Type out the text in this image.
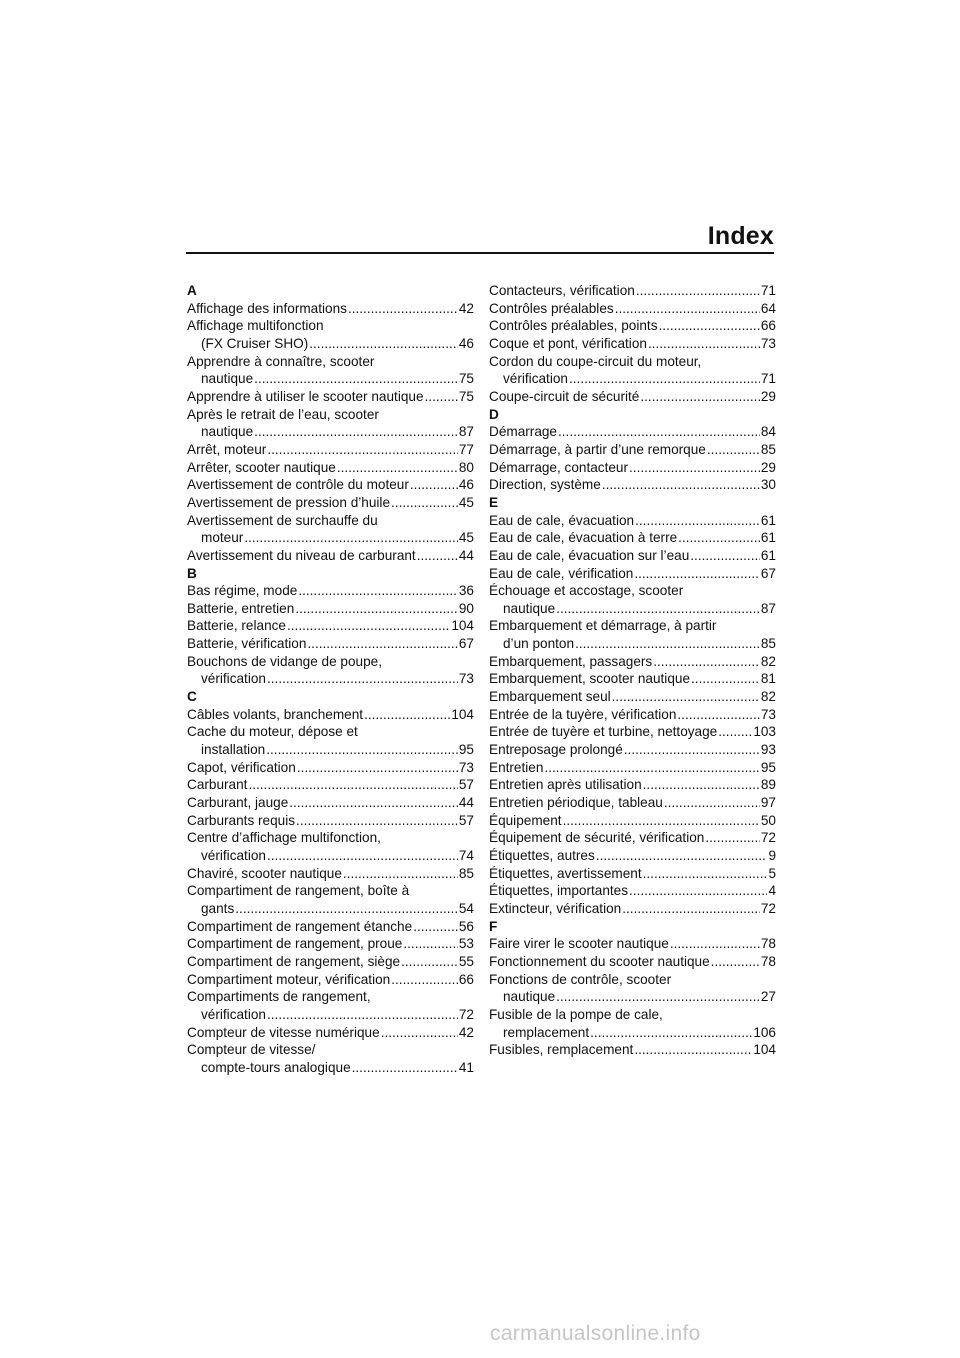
Index
A
Affichage des informations .....	42
Affichage multifonction
(FX Cruiser SHO) .....	46
Apprendre à connaître, scooter
nautique .....	75
Apprendre à utiliser le scooter nautique .....	75
Après le retrait de l’eau, scooter
nautique .....	87
Arrêt, moteur .....	77
Arrêter, scooter nautique .....	80
Avertissement de contrôle du moteur .....	46
Avertissement de pression d’huile .....	45
Avertissement de surchauffe du
moteur .....	45
Avertissement du niveau de carburant .....	44
B
Bas régime, mode .....	36
Batterie, entretien .....	90
Batterie, relance .....	104
Batterie, vérification .....	67
Bouchons de vidange de poupe,
vérification .....	73
C
Câbles volants, branchement .....	104
Cache du moteur, dépose et
installation .....	95
Capot, vérification .....	73
Carburant .....	57
Carburant, jauge .....	44
Carburants requis .....	57
Centre d’affichage multifonction,
vérification .....	74
Chaviré, scooter nautique .....	85
Compartiment de rangement, boîte à
gants .....	54
Compartiment de rangement étanche .....	56
Compartiment de rangement, proue .....	53
Compartiment de rangement, siège .....	55
Compartiment moteur, vérification .....	66
Compartiments de rangement,
vérification .....	72
Compteur de vitesse numérique .....	42
Compteur de vitesse/
compte-tours analogique .....	41
Contacteurs, vérification .....	71
Contrôles préalables .....	64
Contrôles préalables, points .....	66
Coque et pont, vérification .....	73
Cordon du coupe-circuit du moteur,
vérification .....	71
Coupe-circuit de sécurité .....	29
D
Démarrage .....	84
Démarrage, à partir d’une remorque .....	85
Démarrage, contacteur .....	29
Direction, système .....	30
E
Eau de cale, évacuation .....	61
Eau de cale, évacuation à terre .....	61
Eau de cale, évacuation sur l’eau .....	61
Eau de cale, vérification .....	67
Échouage et accostage, scooter
nautique .....	87
Embarquement et démarrage, à partir
d’un ponton .....	85
Embarquement, passagers .....	82
Embarquement, scooter nautique .....	81
Embarquement seul .....	82
Entrée de la tuyère, vérification .....	73
Entrée de tuyère et turbine, nettoyage .....	103
Entreposage prolongé .....	93
Entretien .....	95
Entretien après utilisation .....	89
Entretien périodique, tableau .....	97
Équipement .....	50
Équipement de sécurité, vérification .....	72
Étiquettes, autres .....	9
Étiquettes, avertissement .....	5
Étiquettes, importantes .....	4
Extincteur, vérification .....	72
F
Faire virer le scooter nautique .....	78
Fonctionnement du scooter nautique .....	78
Fonctions de contrôle, scooter
nautique .....	27
Fusible de la pompe de cale,
remplacement .....	106
Fusibles, remplacement .....	104
carmanualsonline.info
